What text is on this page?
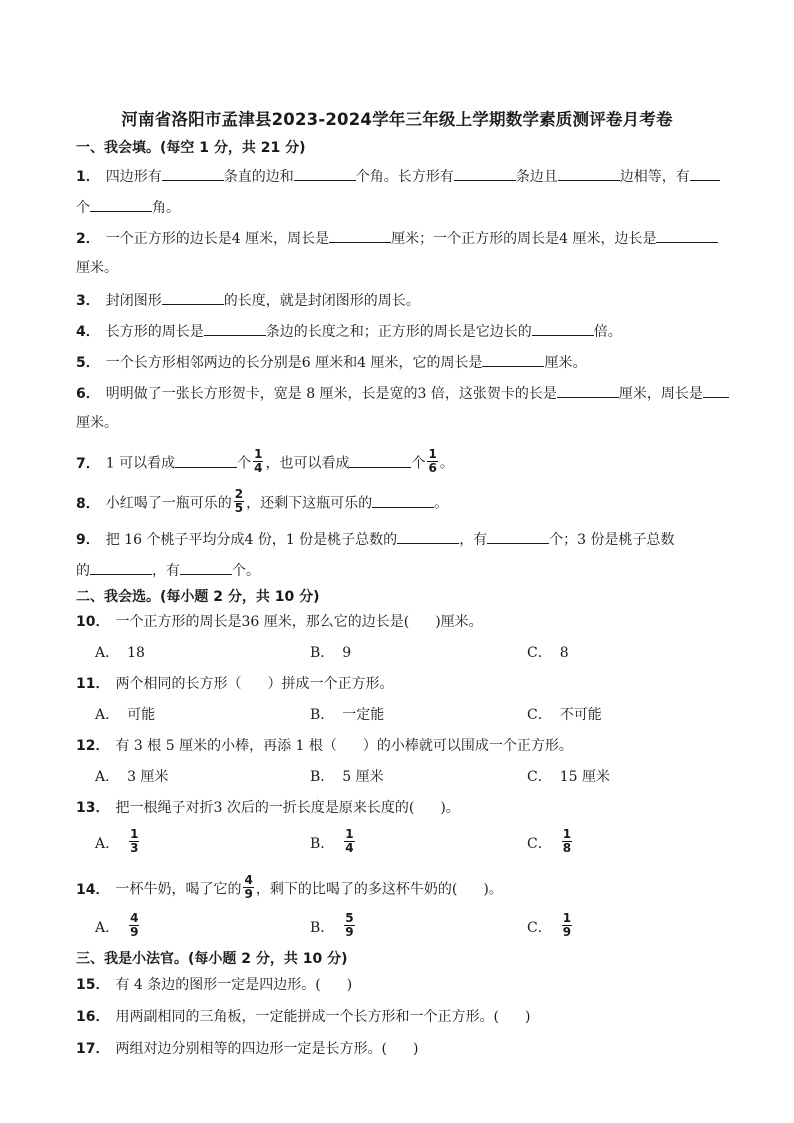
河南省洛阳市孟津县2023-2024学年三年级上学期数学素质测评卷月考卷
一、我会填。(每空 1 分，共 21 分)
1． 四边形有	条直的边和	个角。长方形有	条边且	边相等，有
个	角。
2． 一个正方形的边长是4 厘米，周长是	厘米；一个正方形的周长是4 厘米，边长是
厘米。
3． 封闭图形	的长度，就是封闭图形的周长。
4． 长方形的周长是	条边的长度之和；正方形的周长是它边长的	倍。
5． 一个长方形相邻两边的长分别是6 厘米和4 厘米，它的周长是	厘米。
6． 明明做了一张长方形贺卡，宽是 8 厘米，长是宽的3 倍，这张贺卡的长是	厘米，周长是
厘米。
7． 1 可以看成	个 $\frac{1}{4}$ ，也可以看成	个 $\frac{1}{6}$ 。
8． 小红喝了一瓶可乐的 $\frac{2}{5}$ ，还剩下这瓶可乐的	。
9． 把 16 个桃子平均分成4 份，1 份是桃子总数的	，有	个；3 份是桃子总数
的	，有	个。
二、我会选。(每小题 2 分，共 10 分)
10． 一个正方形的周长是36 厘米，那么它的边长是( )厘米。
A． 18	B． 9	C． 8
11． 两个相同的长方形（ ）拼成一个正方形。
A． 可能	B． 一定能	C． 不可能
12． 有 3 根 5 厘米的小棒，再添 1 根（ ）的小棒就可以围成一个正方形。
A． 3 厘米	B． 5 厘米	C． 15 厘米
13． 把一根绳子对折3 次后的一折长度是原来长度的( )。
A． $\frac{1}{3}$	B． $\frac{1}{4}$	C． $\frac{1}{8}$
14． 一杯牛奶，喝了它的 $\frac{4}{9}$ ，剩下的比喝了的多这杯牛奶的( )。
A． $\frac{4}{9}$	B． $\frac{5}{9}$	C． $\frac{1}{9}$
三、我是小法官。(每小题 2 分，共 10 分)
15． 有 4 条边的图形一定是四边形。( )
16． 用两副相同的三角板，一定能拼成一个长方形和一个正方形。( )
17． 两组对边分别相等的四边形一定是长方形。( )
